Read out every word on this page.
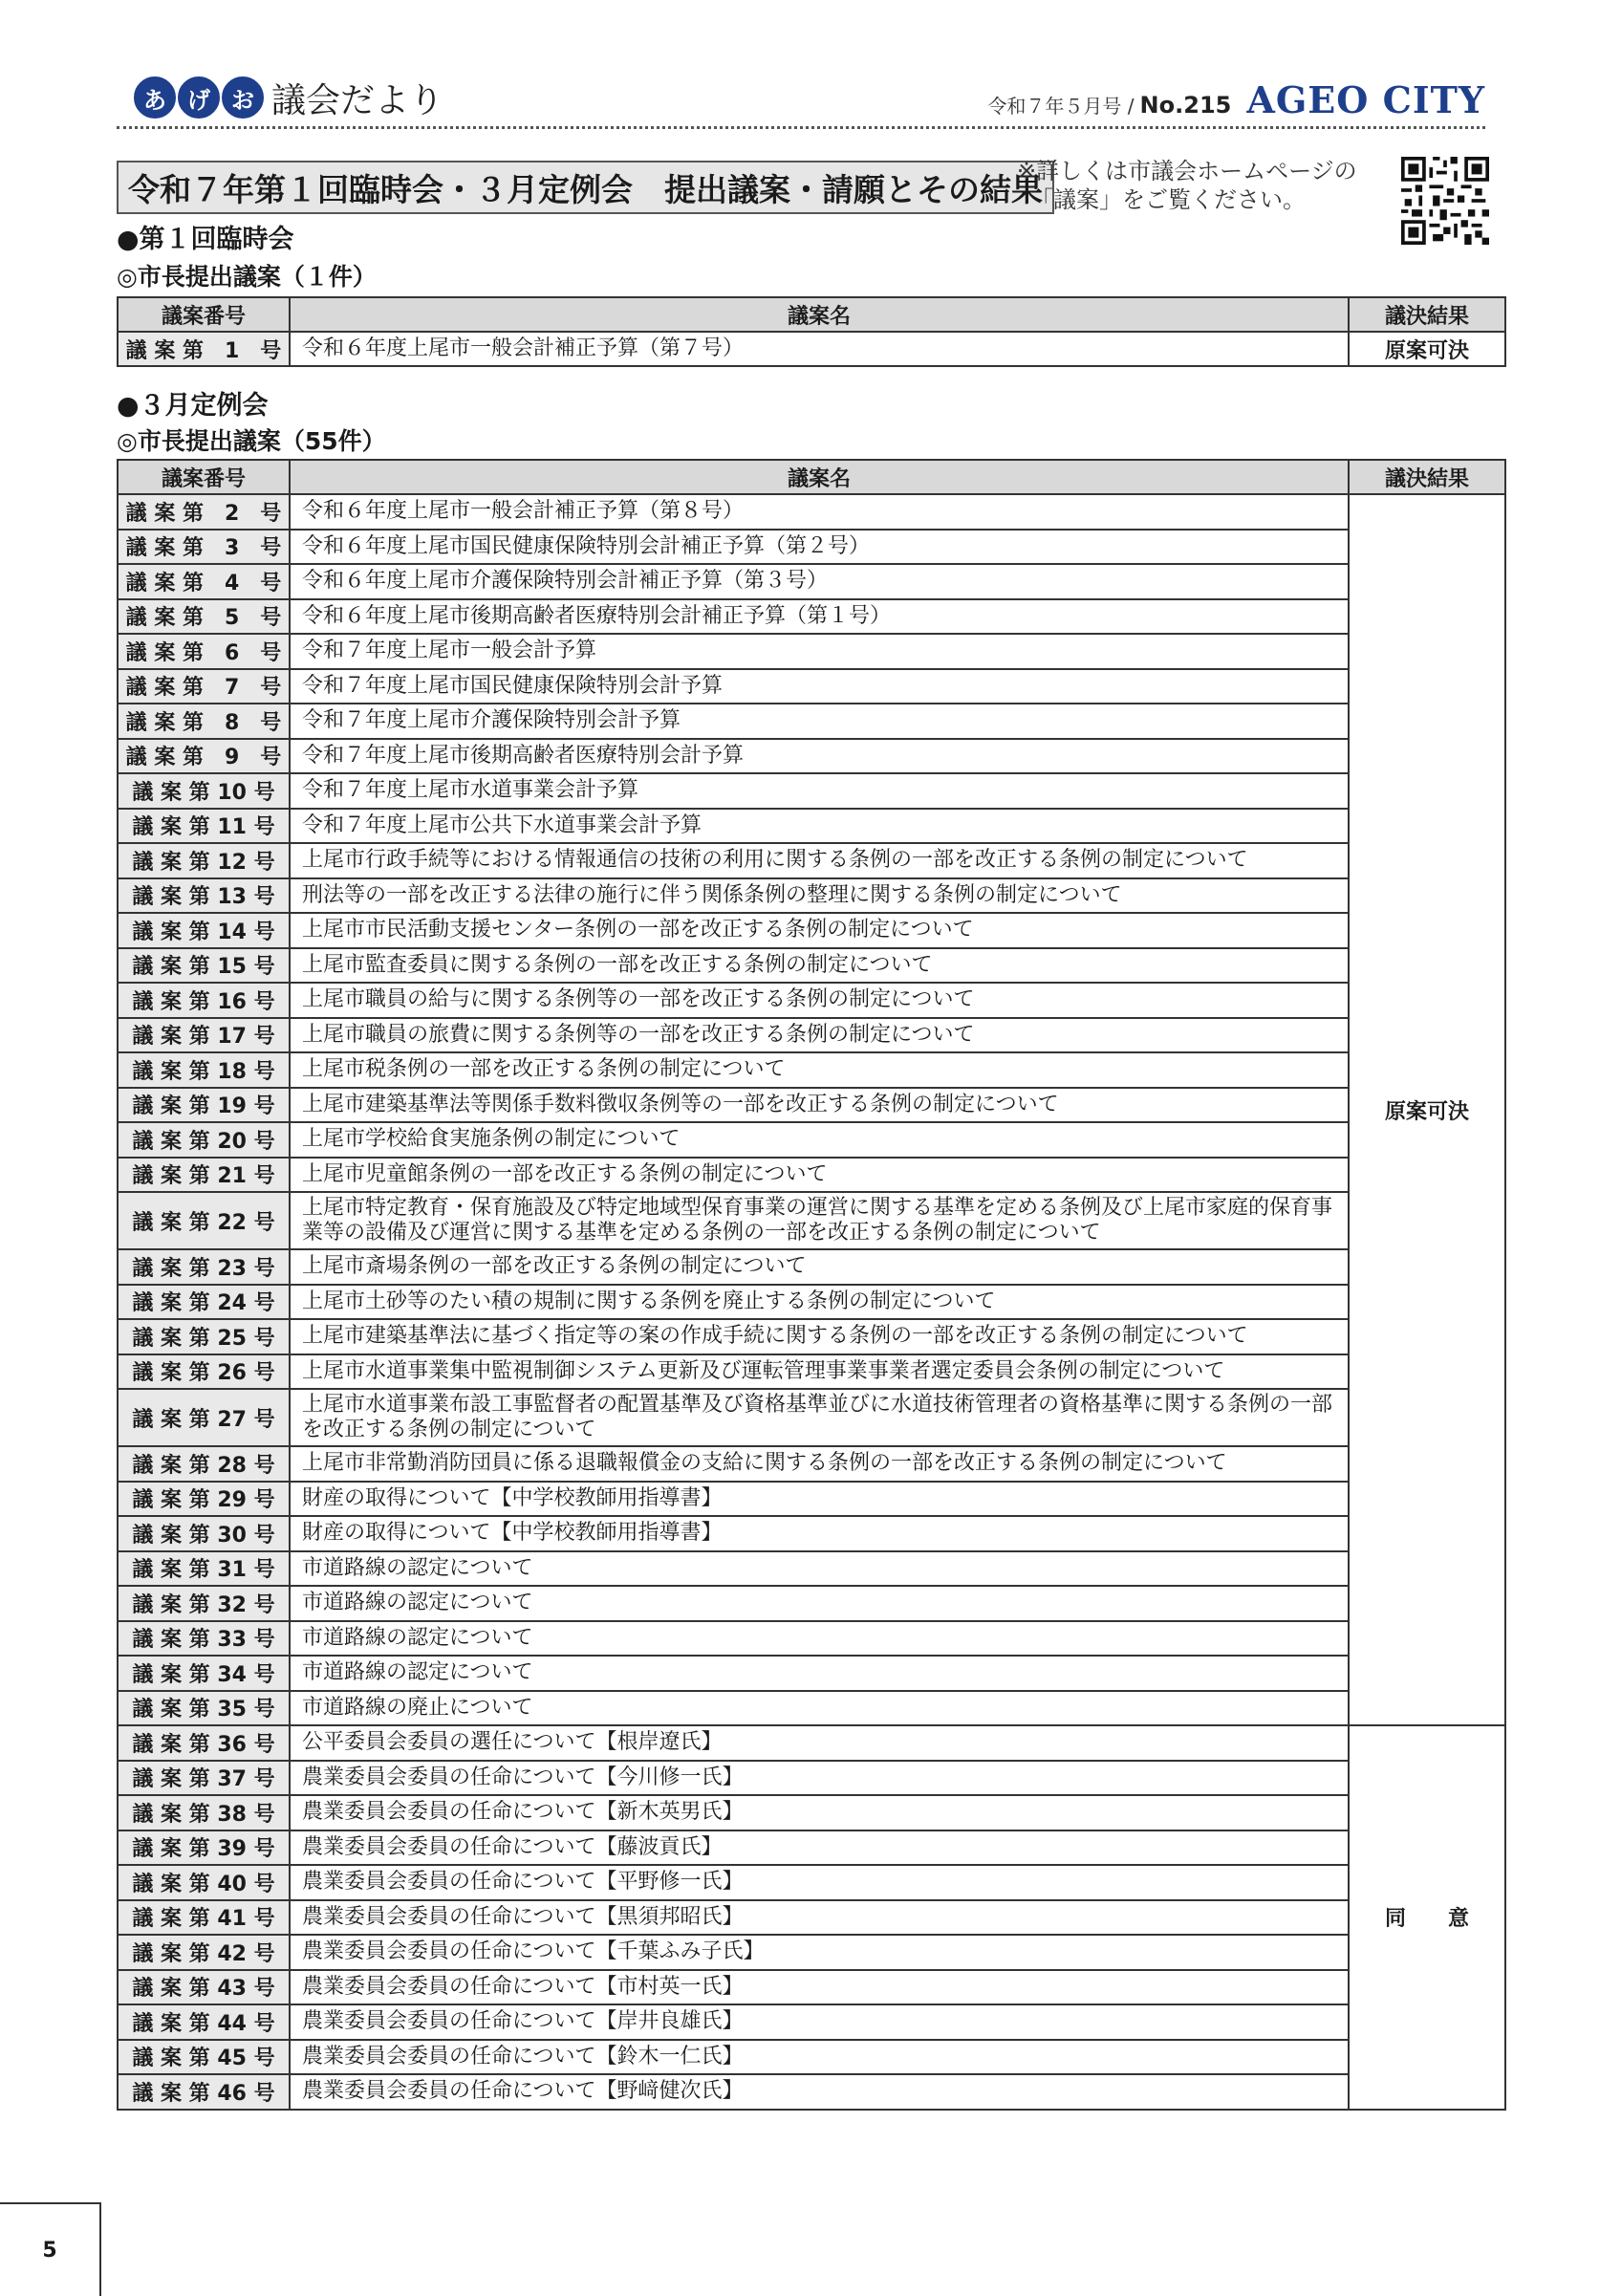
あ げ お 議会だより	令和７年５月号 / No.215 AGEO CITY
令和７年第１回臨時会・３月定例会　提出議案・請願とその結果
※詳しくは市議会ホームページの
「議案」をご覧ください。
●第１回臨時会
◎市長提出議案（１件）
議案番号	議案名	議決結果
議 案 第　1　号	令和６年度上尾市一般会計補正予算（第７号）	原案可決
●３月定例会
◎市長提出議案（55件）
議案番号	議案名	議決結果
議 案 第　2　号	令和６年度上尾市一般会計補正予算（第８号）	原案可決
議 案 第　3　号	令和６年度上尾市国民健康保険特別会計補正予算（第２号）	
議 案 第　4　号	令和６年度上尾市介護保険特別会計補正予算（第３号）	
議 案 第　5　号	令和６年度上尾市後期高齢者医療特別会計補正予算（第１号）	
議 案 第　6　号	令和７年度上尾市一般会計予算	
議 案 第　7　号	令和７年度上尾市国民健康保険特別会計予算	
議 案 第　8　号	令和７年度上尾市介護保険特別会計予算	
議 案 第　9　号	令和７年度上尾市後期高齢者医療特別会計予算	
議 案 第 10 号	令和７年度上尾市水道事業会計予算	
議 案 第 11 号	令和７年度上尾市公共下水道事業会計予算	
議 案 第 12 号	上尾市行政手続等における情報通信の技術の利用に関する条例の一部を改正する条例の制定について	
議 案 第 13 号	刑法等の一部を改正する法律の施行に伴う関係条例の整理に関する条例の制定について	
議 案 第 14 号	上尾市市民活動支援センター条例の一部を改正する条例の制定について	
議 案 第 15 号	上尾市監査委員に関する条例の一部を改正する条例の制定について	
議 案 第 16 号	上尾市職員の給与に関する条例等の一部を改正する条例の制定について	
議 案 第 17 号	上尾市職員の旅費に関する条例等の一部を改正する条例の制定について	
議 案 第 18 号	上尾市税条例の一部を改正する条例の制定について	
議 案 第 19 号	上尾市建築基準法等関係手数料徴収条例等の一部を改正する条例の制定について	
議 案 第 20 号	上尾市学校給食実施条例の制定について	
議 案 第 21 号	上尾市児童館条例の一部を改正する条例の制定について	
議 案 第 22 号	上尾市特定教育・保育施設及び特定地域型保育事業の運営に関する基準を定める条例及び上尾市家庭的保育事業等の設備及び運営に関する基準を定める条例の一部を改正する条例の制定について	
議 案 第 23 号	上尾市斎場条例の一部を改正する条例の制定について	
議 案 第 24 号	上尾市土砂等のたい積の規制に関する条例を廃止する条例の制定について	
議 案 第 25 号	上尾市建築基準法に基づく指定等の案の作成手続に関する条例の一部を改正する条例の制定について	
議 案 第 26 号	上尾市水道事業集中監視制御システム更新及び運転管理事業事業者選定委員会条例の制定について	
議 案 第 27 号	上尾市水道事業布設工事監督者の配置基準及び資格基準並びに水道技術管理者の資格基準に関する条例の一部を改正する条例の制定について	
議 案 第 28 号	上尾市非常勤消防団員に係る退職報償金の支給に関する条例の一部を改正する条例の制定について	
議 案 第 29 号	財産の取得について【中学校教師用指導書】	
議 案 第 30 号	財産の取得について【中学校教師用指導書】	
議 案 第 31 号	市道路線の認定について	
議 案 第 32 号	市道路線の認定について	
議 案 第 33 号	市道路線の認定について	
議 案 第 34 号	市道路線の認定について	
議 案 第 35 号	市道路線の廃止について	
議 案 第 36 号	公平委員会委員の選任について【根岸遼氏】	同　　意
議 案 第 37 号	農業委員会委員の任命について【今川修一氏】	
議 案 第 38 号	農業委員会委員の任命について【新木英男氏】	
議 案 第 39 号	農業委員会委員の任命について【藤波貢氏】	
議 案 第 40 号	農業委員会委員の任命について【平野修一氏】	
議 案 第 41 号	農業委員会委員の任命について【黒須邦昭氏】	
議 案 第 42 号	農業委員会委員の任命について【千葉ふみ子氏】	
議 案 第 43 号	農業委員会委員の任命について【市村英一氏】	
議 案 第 44 号	農業委員会委員の任命について【岸井良雄氏】	
議 案 第 45 号	農業委員会委員の任命について【鈴木一仁氏】	
議 案 第 46 号	農業委員会委員の任命について【野﨑健次氏】	
5
